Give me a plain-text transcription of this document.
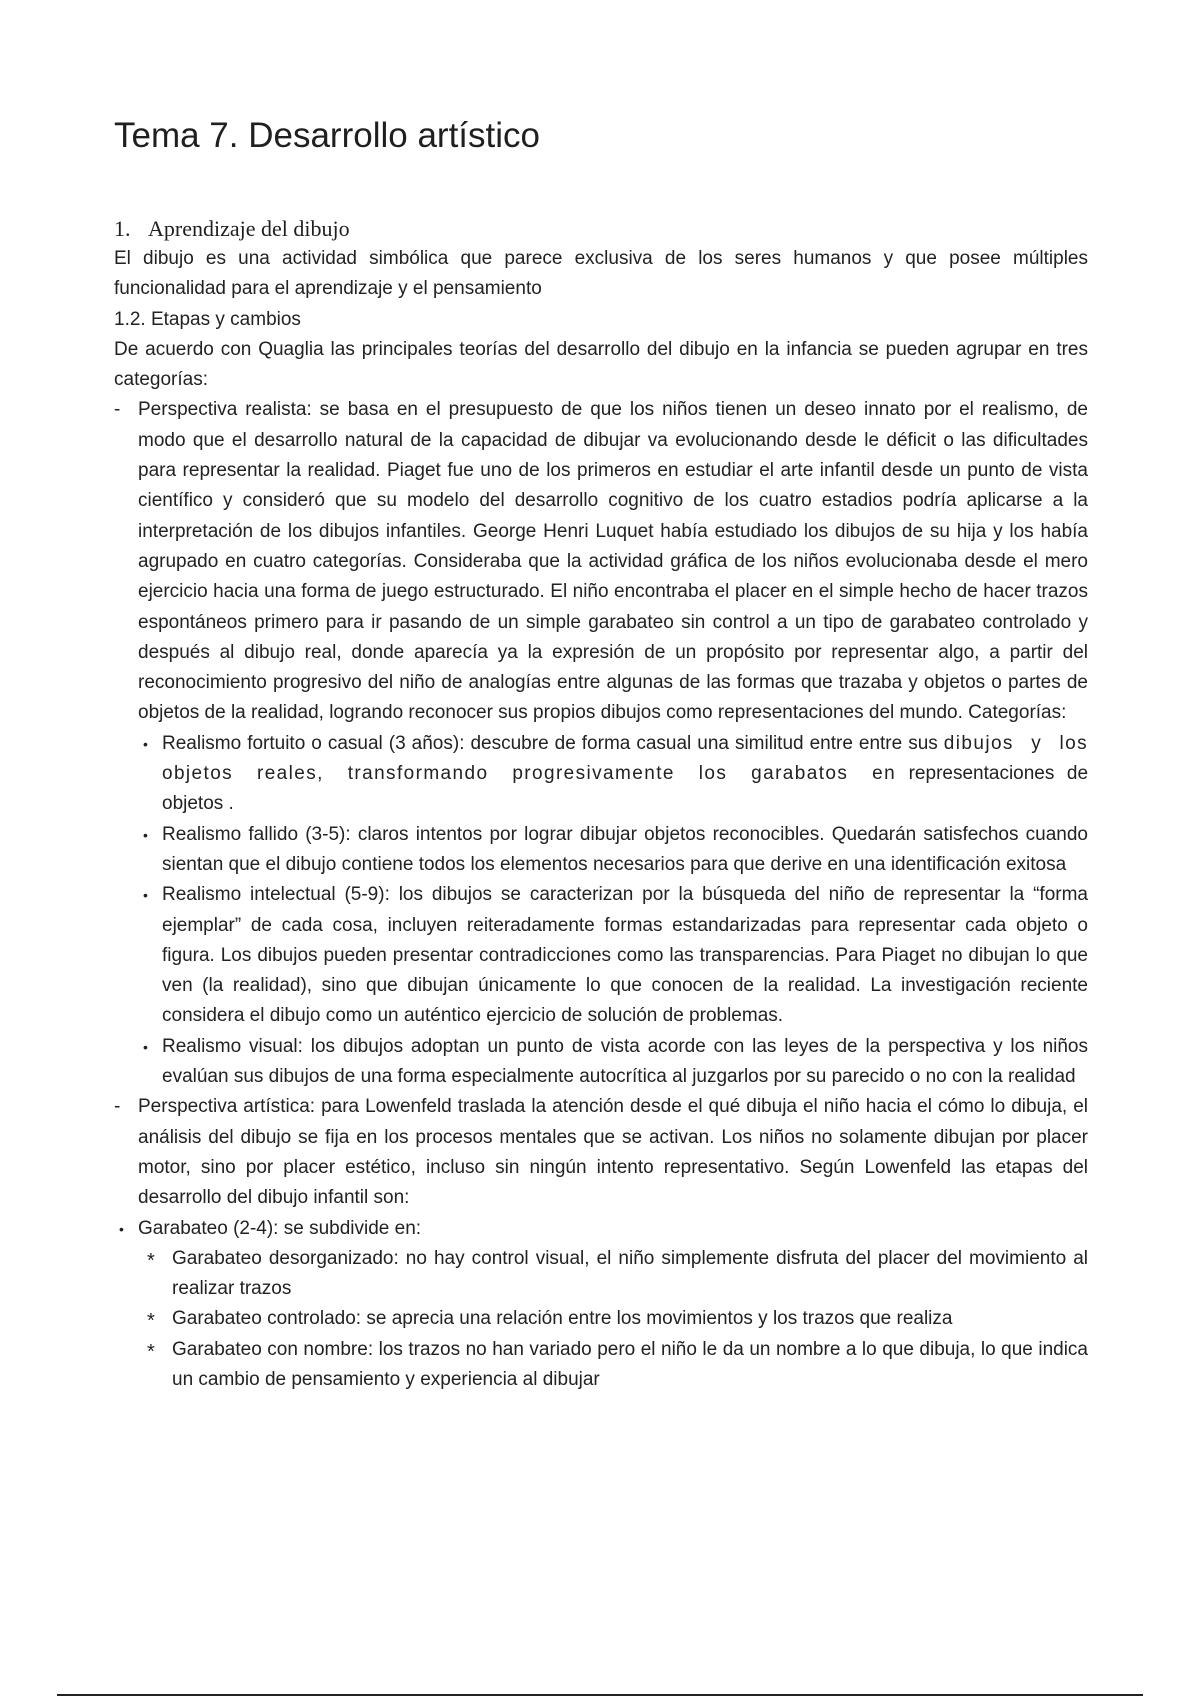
Tema 7. Desarrollo artístico
1. Aprendizaje del dibujo

El dibujo es una actividad simbólica que parece exclusiva de los seres humanos y que posee múltiples funcionalidad para el aprendizaje y el pensamiento

1.2. Etapas y cambios

De acuerdo con Quaglia las principales teorías del desarrollo del dibujo en la infancia se pueden agrupar en tres categorías:

- Perspectiva realista: se basa en el presupuesto de que los niños tienen un deseo innato por el realismo, de modo que el desarrollo natural de la capacidad de dibujar va evolucionando desde le déficit o las dificultades para representar la realidad. Piaget fue uno de los primeros en estudiar el arte infantil desde un punto de vista científico y consideró que su modelo del desarrollo cognitivo de los cuatro estadios podría aplicarse a la interpretación de los dibujos infantiles. George Henri Luquet había estudiado los dibujos de su hija y los había agrupado en cuatro categorías. Consideraba que la actividad gráfica de los niños evolucionaba desde el mero ejercicio hacia una forma de juego estructurado. El niño encontraba el placer en el simple hecho de hacer trazos espontáneos primero para ir pasando de un simple garabateo sin control a un tipo de garabateo controlado y después al dibujo real, donde aparecía ya la expresión de un propósito por representar algo, a partir del reconocimiento progresivo del niño de analogías entre algunas de las formas que trazaba y objetos o partes de objetos de la realidad, logrando reconocer sus propios dibujos como representaciones del mundo. Categorías:
• Realismo fortuito o casual (3 años): descubre de forma casual una similitud entre entre sus dibujos y los objetos reales, transformando progresivamente los garabatos en representaciones de objetos .
• Realismo fallido (3-5): claros intentos por lograr dibujar objetos reconocibles. Quedarán satisfechos cuando sientan que el dibujo contiene todos los elementos necesarios para que derive en una identificación exitosa
• Realismo intelectual (5-9): los dibujos se caracterizan por la búsqueda del niño de representar la “forma ejemplar” de cada cosa, incluyen reiteradamente formas estandarizadas para representar cada objeto o figura. Los dibujos pueden presentar contradicciones como las transparencias. Para Piaget no dibujan lo que ven (la realidad), sino que dibujan únicamente lo que conocen de la realidad. La investigación reciente considera el dibujo como un auténtico ejercicio de solución de problemas.
• Realismo visual: los dibujos adoptan un punto de vista acorde con las leyes de la perspectiva y los niños evalúan sus dibujos de una forma especialmente autocrítica al juzgarlos por su parecido o no con la realidad
- Perspectiva artística: para Lowenfeld traslada la atención desde el qué dibuja el niño hacia el cómo lo dibuja, el análisis del dibujo se fija en los procesos mentales que se activan. Los niños no solamente dibujan por placer motor, sino por placer estético, incluso sin ningún intento representativo. Según Lowenfeld las etapas del desarrollo del dibujo infantil son:
• Garabateo (2-4): se subdivide en:
* Garabateo desorganizado: no hay control visual, el niño simplemente disfruta del placer del movimiento al realizar trazos
* Garabateo controlado: se aprecia una relación entre los movimientos y los trazos que realiza
* Garabateo con nombre: los trazos no han variado pero el niño le da un nombre a lo que dibuja, lo que indica un cambio de pensamiento y experiencia al dibujar
